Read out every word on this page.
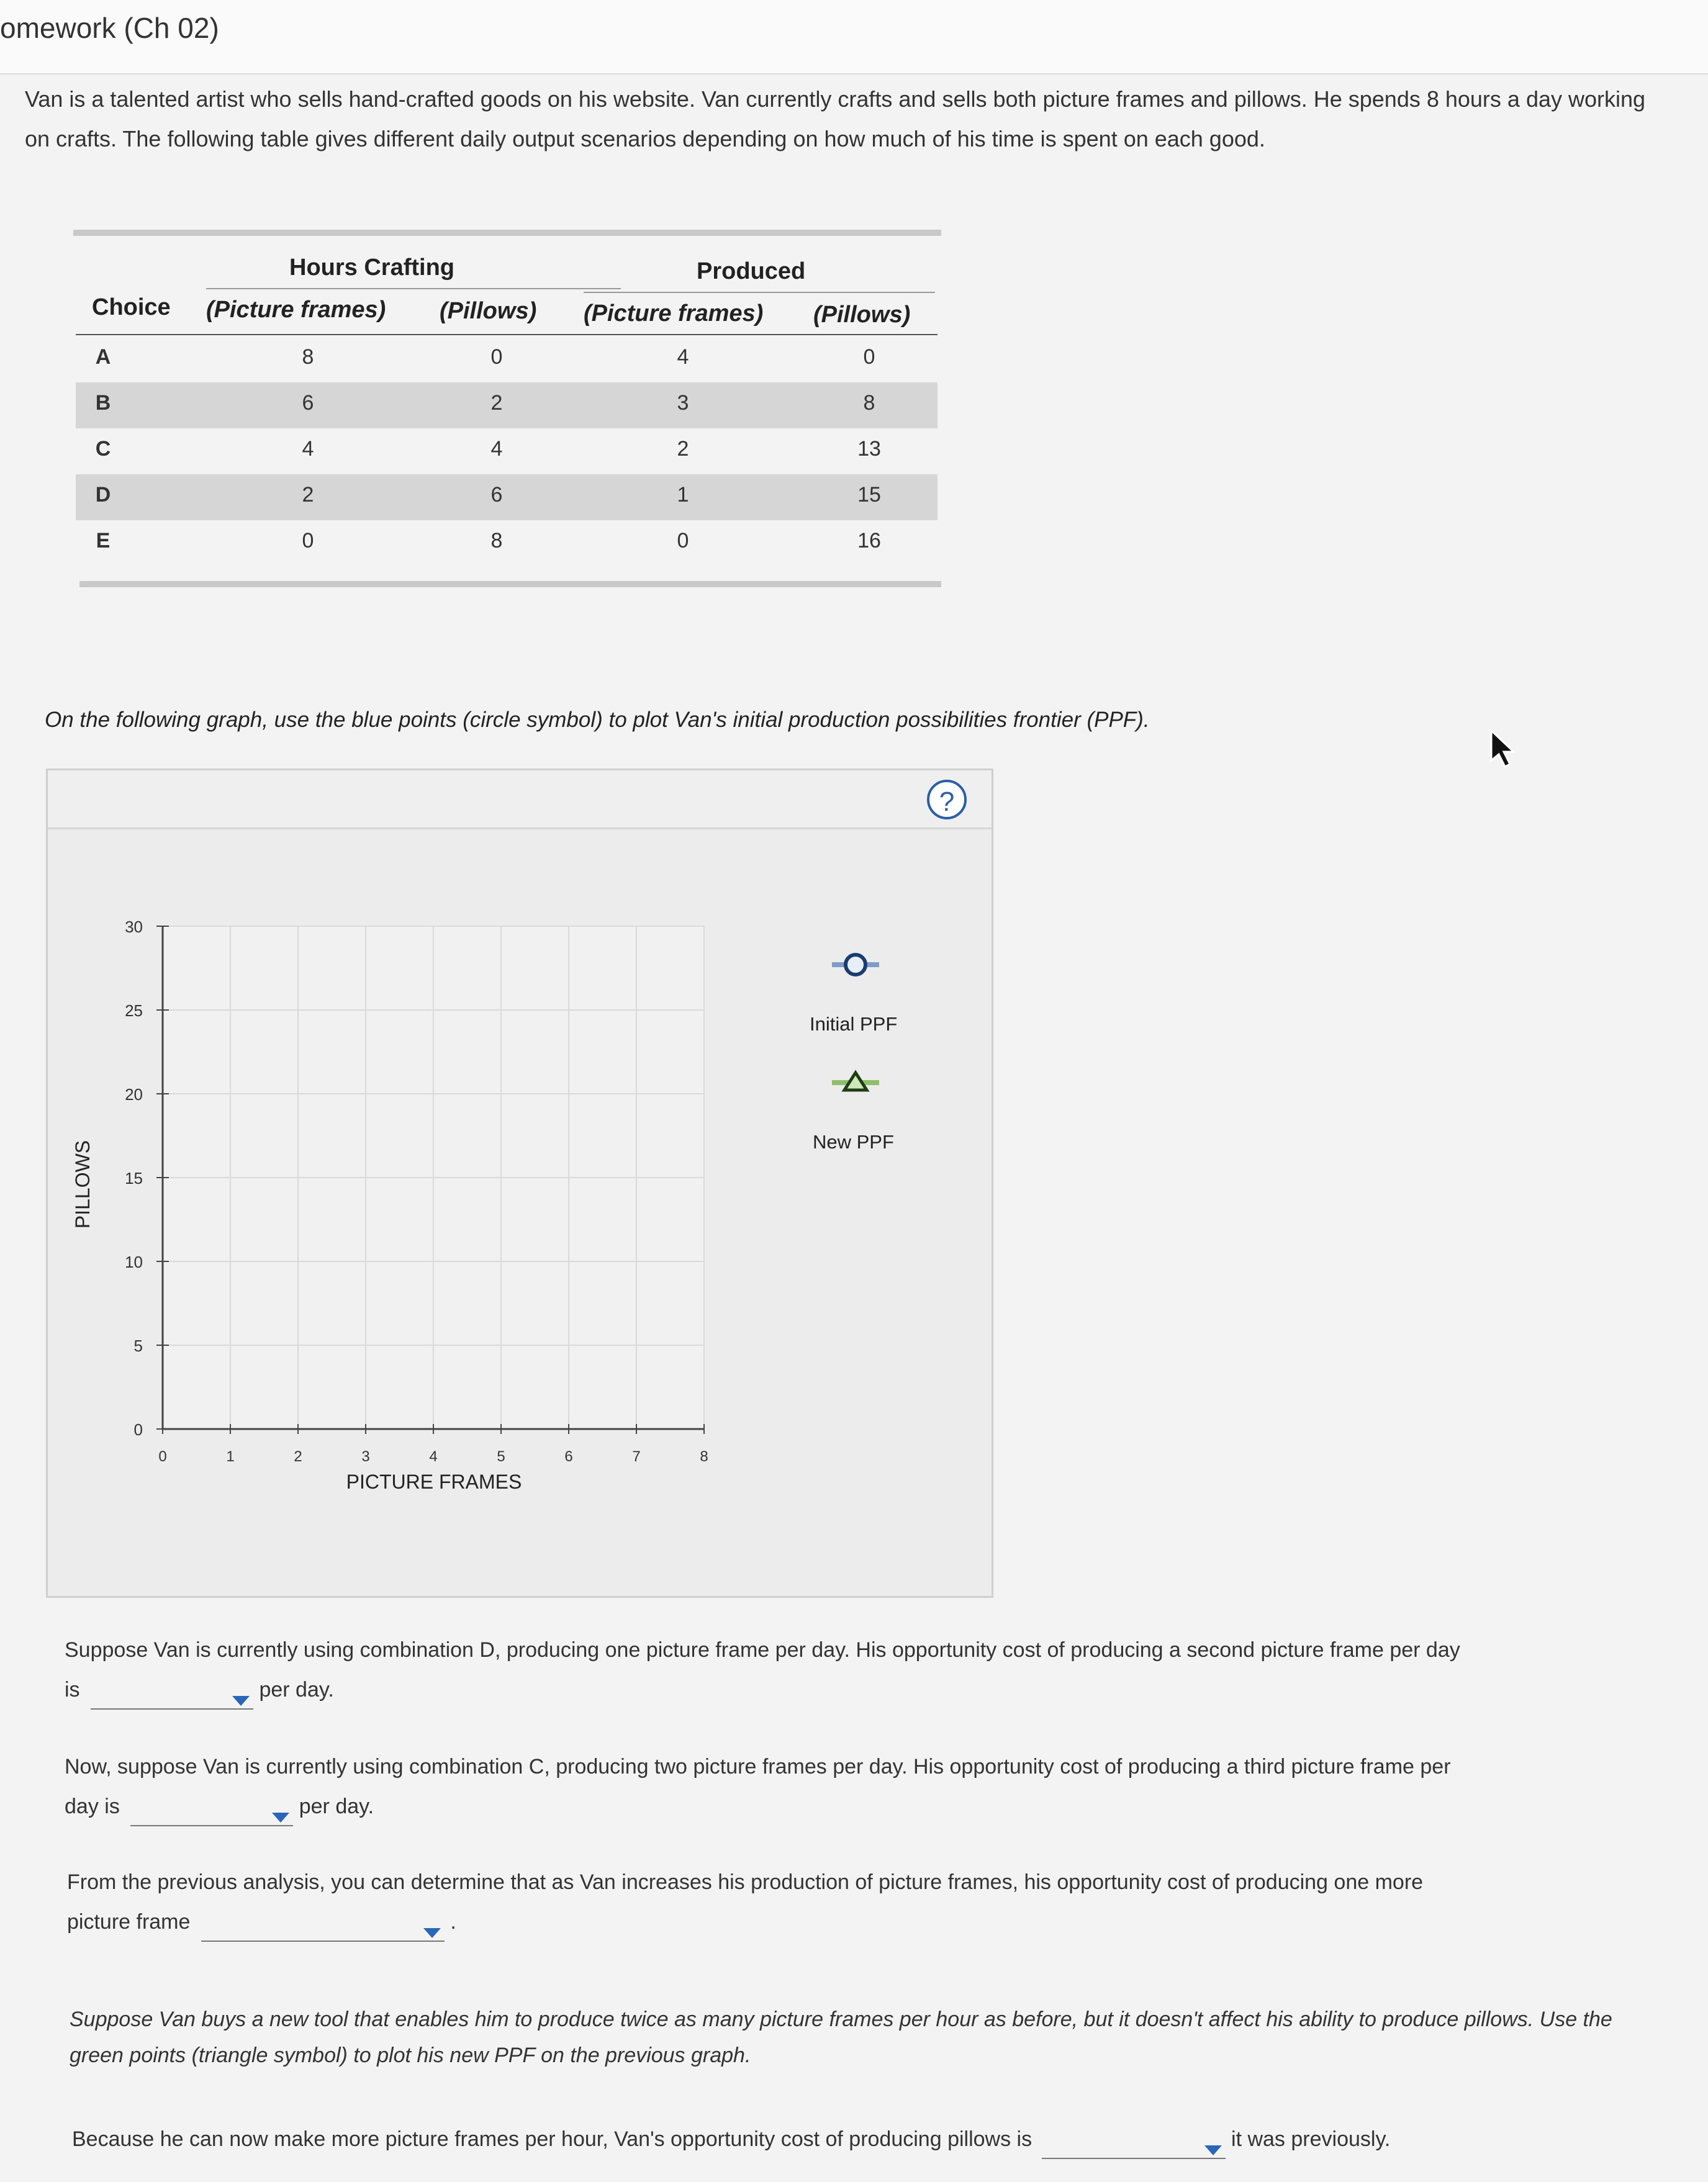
omework (Ch 02)
Van is a talented artist who sells hand-crafted goods on his website. Van currently crafts and sells both picture frames and pillows. He spends 8 hours a day working on crafts. The following table gives different daily output scenarios depending on how much of his time is spent on each good.
Hours Crafting	Produced
Choice (Picture frames) (Pillows) (Picture frames) (Pillows)
A	8	0	4	0
B	6	2	3	8
C	4	4	2	13
D	2	6	1	15
E	0	8	0	16
On the following graph, use the blue points (circle symbol) to plot Van's initial production possibilities frontier (PPF).
?
0	1	2	3	4	5	6	7	8
0
5
10
15
20
25
30
PICTURE FRAMES
PILLOWS
Initial PPF
New PPF
Suppose Van is currently using combination D, producing one picture frame per day. His opportunity cost of producing a second picture frame per day
is	per day.
Now, suppose Van is currently using combination C, producing two picture frames per day. His opportunity cost of producing a third picture frame per
day is	per day.
From the previous analysis, you can determine that as Van increases his production of picture frames, his opportunity cost of producing one more
picture frame	.
Suppose Van buys a new tool that enables him to produce twice as many picture frames per hour as before, but it doesn't affect his ability to produce pillows. Use the green points (triangle symbol) to plot his new PPF on the previous graph.
Because he can now make more picture frames per hour, Van's opportunity cost of producing pillows is	it was previously.
